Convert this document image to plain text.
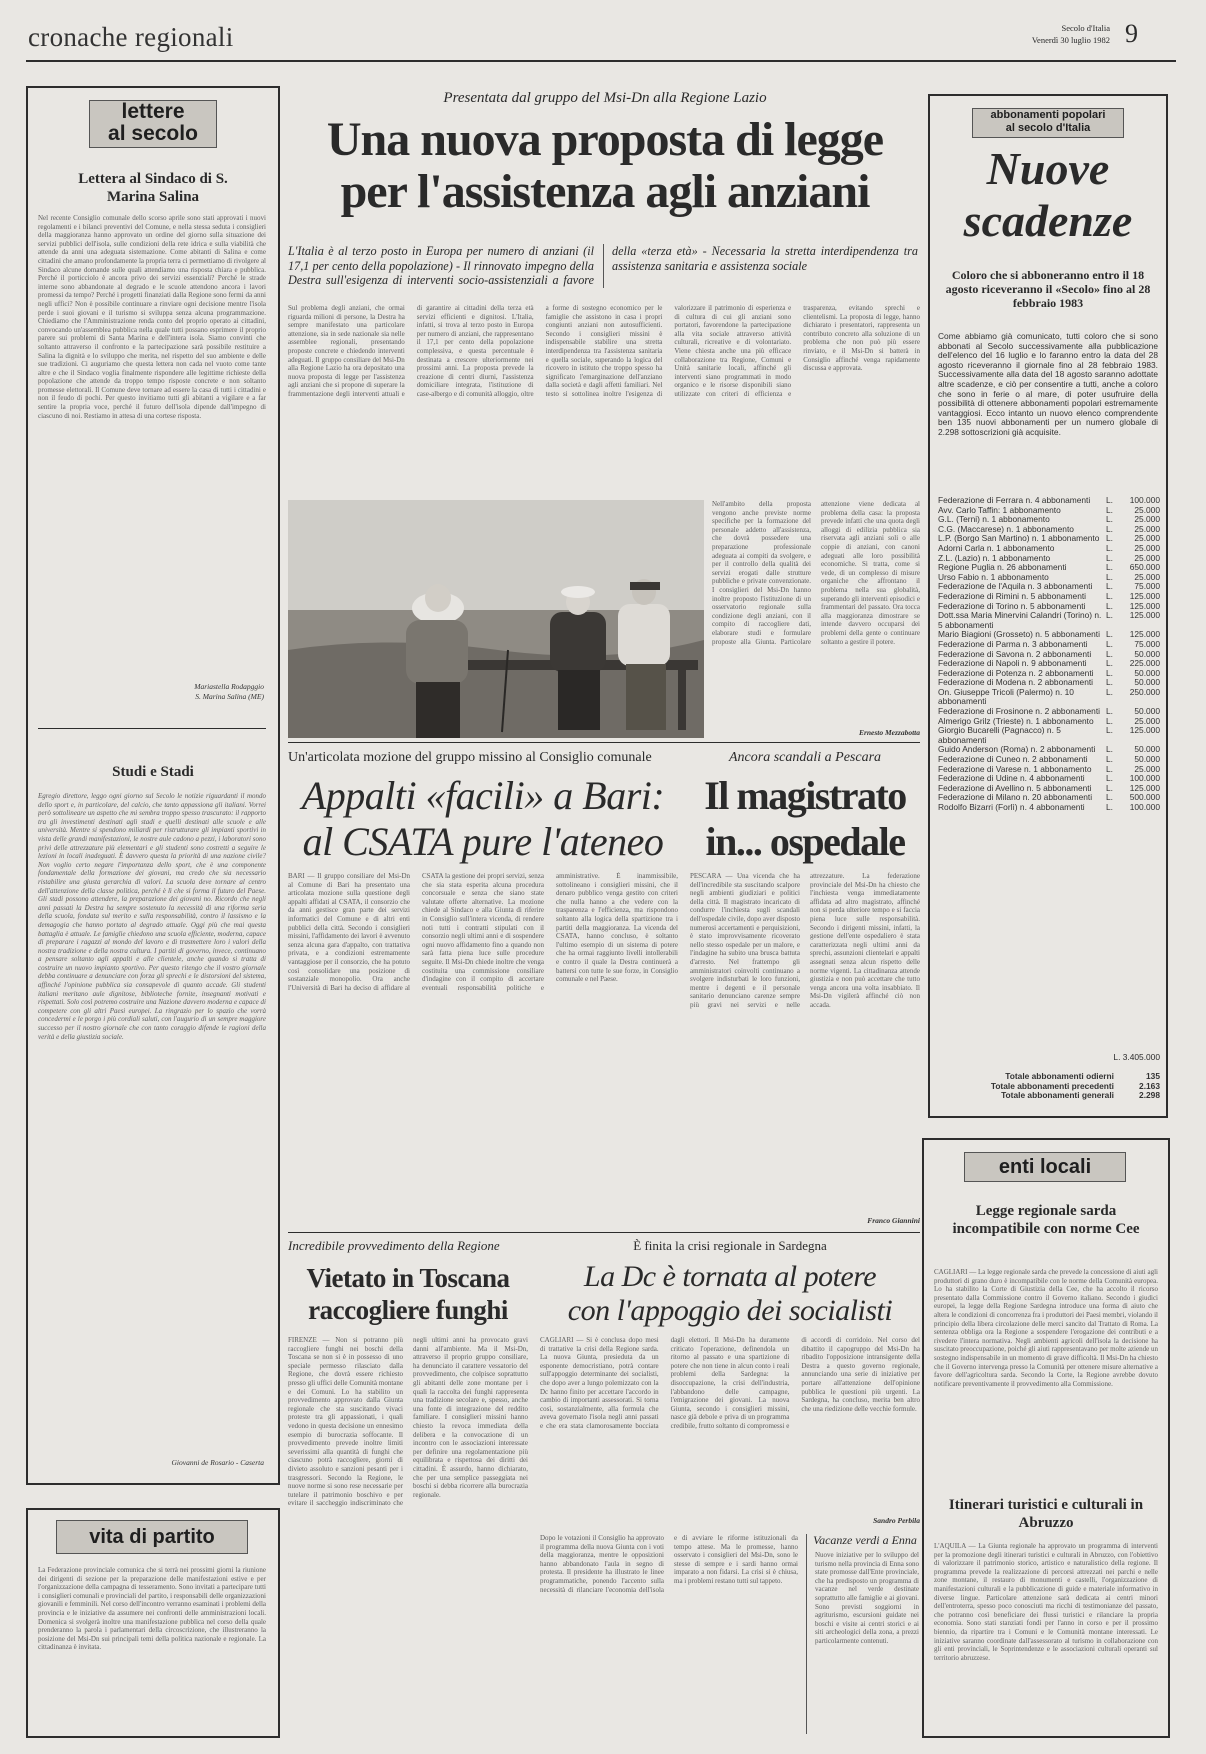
cronache regionali	Secolo d'Italia
Venerdì 30 luglio 1982 9
lettere
al secolo
Lettera al Sindaco di S. Marina Salina
Nel recente Consiglio comunale dello scorso aprile sono stati approvati i nuovi regolamenti e i bilanci preventivi del Comune, e nella stessa seduta i consiglieri della maggioranza hanno approvato un ordine del giorno sulla situazione dei servizi pubblici dell'isola, sulle condizioni della rete idrica e sulla viabilità che attende da anni una adeguata sistemazione. Come abitanti di Salina e come cittadini che amano profondamente la propria terra ci permettiamo di rivolgere al Sindaco alcune domande sulle quali attendiamo una risposta chiara e pubblica. Perché il porticciolo è ancora privo dei servizi essenziali? Perché le strade interne sono abbandonate al degrado e le scuole attendono ancora i lavori promessi da tempo? Perché i progetti finanziati dalla Regione sono fermi da anni negli uffici? Non è possibile continuare a rinviare ogni decisione mentre l'isola perde i suoi giovani e il turismo si sviluppa senza alcuna programmazione. Chiediamo che l'Amministrazione renda conto del proprio operato ai cittadini, convocando un'assemblea pubblica nella quale tutti possano esprimere il proprio parere sui problemi di Santa Marina e dell'intera isola. Siamo convinti che soltanto attraverso il confronto e la partecipazione sarà possibile restituire a Salina la dignità e lo sviluppo che merita, nel rispetto del suo ambiente e delle sue tradizioni. Ci auguriamo che questa lettera non cada nel vuoto come tante altre e che il Sindaco voglia finalmente rispondere alle legittime richieste della popolazione che attende da troppo tempo risposte concrete e non soltanto promesse elettorali. Il Comune deve tornare ad essere la casa di tutti i cittadini e non il feudo di pochi. Per questo invitiamo tutti gli abitanti a vigilare e a far sentire la propria voce, perché il futuro dell'isola dipende dall'impegno di ciascuno di noi. Restiamo in attesa di una cortese risposta.
Mariastella Rodapggio
S. Marina Salina (ME)
Studi e Stadi
Egregio direttore, leggo ogni giorno sul Secolo le notizie riguardanti il mondo dello sport e, in particolare, del calcio, che tanto appassiona gli italiani. Vorrei però sottolineare un aspetto che mi sembra troppo spesso trascurato: il rapporto tra gli investimenti destinati agli stadi e quelli destinati alle scuole e alle università. Mentre si spendono miliardi per ristrutturare gli impianti sportivi in vista delle grandi manifestazioni, le nostre aule cadono a pezzi, i laboratori sono privi delle attrezzature più elementari e gli studenti sono costretti a seguire le lezioni in locali inadeguati. È davvero questa la priorità di una nazione civile? Non voglio certo negare l'importanza dello sport, che è una componente fondamentale della formazione dei giovani, ma credo che sia necessario ristabilire una giusta gerarchia di valori. La scuola deve tornare al centro dell'attenzione della classe politica, perché è lì che si forma il futuro del Paese. Gli stadi possono attendere, la preparazione dei giovani no. Ricordo che negli anni passati la Destra ha sempre sostenuto la necessità di una riforma seria della scuola, fondata sul merito e sulla responsabilità, contro il lassismo e la demagogia che hanno portato al degrado attuale. Oggi più che mai questa battaglia è attuale. Le famiglie chiedono una scuola efficiente, moderna, capace di preparare i ragazzi al mondo del lavoro e di trasmettere loro i valori della nostra tradizione e della nostra cultura. I partiti di governo, invece, continuano a pensare soltanto agli appalti e alle clientele, anche quando si tratta di costruire un nuovo impianto sportivo. Per questo ritengo che il vostro giornale debba continuare a denunciare con forza gli sprechi e le distorsioni del sistema, affinché l'opinione pubblica sia consapevole di quanto accade. Gli studenti italiani meritano aule dignitose, biblioteche fornite, insegnanti motivati e rispettati. Solo così potremo costruire una Nazione davvero moderna e capace di competere con gli altri Paesi europei. La ringrazio per lo spazio che vorrà concedermi e le porgo i più cordiali saluti, con l'augurio di un sempre maggiore successo per il nostro giornale che con tanto coraggio difende le ragioni della verità e della giustizia sociale.
Giovanni de Rosario - Caserta
vita di partito
La Federazione provinciale comunica che si terrà nei prossimi giorni la riunione dei dirigenti di sezione per la preparazione delle manifestazioni estive e per l'organizzazione della campagna di tesseramento. Sono invitati a partecipare tutti i consiglieri comunali e provinciali del partito, i responsabili delle organizzazioni giovanili e femminili. Nel corso dell'incontro verranno esaminati i problemi della provincia e le iniziative da assumere nei confronti delle amministrazioni locali. Domenica si svolgerà inoltre una manifestazione pubblica nel corso della quale prenderanno la parola i parlamentari della circoscrizione, che illustreranno la posizione del Msi-Dn sui principali temi della politica nazionale e regionale. La cittadinanza è invitata.
Presentata dal gruppo del Msi-Dn alla Regione Lazio
Una nuova proposta di legge
per l'assistenza agli anziani
L'Italia è al terzo posto in Europa per numero di anziani (il 17,1 per cento della popolazione) - Il rinnovato impegno della Destra sull'esigenza di interventi socio-assistenziali a favore della «terza età» - Necessaria la stretta interdipendenza tra assistenza sanitaria e assistenza sociale
Sul problema degli anziani, che ormai riguarda milioni di persone, la Destra ha sempre manifestato una particolare attenzione, sia in sede nazionale sia nelle assemblee regionali, presentando proposte concrete e chiedendo interventi adeguati. Il gruppo consiliare del Msi-Dn alla Regione Lazio ha ora depositato una nuova proposta di legge per l'assistenza agli anziani che si propone di superare la frammentazione degli interventi attuali e di garantire ai cittadini della terza età servizi efficienti e dignitosi. L'Italia, infatti, si trova al terzo posto in Europa per numero di anziani, che rappresentano il 17,1 per cento della popolazione complessiva, e questa percentuale è destinata a crescere ulteriormente nei prossimi anni. La proposta prevede la creazione di centri diurni, l'assistenza domiciliare integrata, l'istituzione di case-albergo e di comunità alloggio, oltre a forme di sostegno economico per le famiglie che assistono in casa i propri congiunti anziani non autosufficienti. Secondo i consiglieri missini è indispensabile stabilire una stretta interdipendenza tra l'assistenza sanitaria e quella sociale, superando la logica del ricovero in istituto che troppo spesso ha significato l'emarginazione dell'anziano dalla società e dagli affetti familiari. Nel testo si sottolinea inoltre l'esigenza di valorizzare il patrimonio di esperienza e di cultura di cui gli anziani sono portatori, favorendone la partecipazione alla vita sociale attraverso attività culturali, ricreative e di volontariato. Viene chiesta anche una più efficace collaborazione tra Regione, Comuni e Unità sanitarie locali, affinché gli interventi siano programmati in modo organico e le risorse disponibili siano utilizzate con criteri di efficienza e trasparenza, evitando sprechi e clientelismi. La proposta di legge, hanno dichiarato i presentatori, rappresenta un contributo concreto alla soluzione di un problema che non può più essere rinviato, e il Msi-Dn si batterà in Consiglio affinché venga rapidamente discussa e approvata.
Nell'ambito della proposta vengono anche previste norme specifiche per la formazione del personale addetto all'assistenza, che dovrà possedere una preparazione professionale adeguata ai compiti da svolgere, e per il controllo della qualità dei servizi erogati dalle strutture pubbliche e private convenzionate. I consiglieri del Msi-Dn hanno inoltre proposto l'istituzione di un osservatorio regionale sulla condizione degli anziani, con il compito di raccogliere dati, elaborare studi e formulare proposte alla Giunta. Particolare attenzione viene dedicata al problema della casa: la proposta prevede infatti che una quota degli alloggi di edilizia pubblica sia riservata agli anziani soli o alle coppie di anziani, con canoni adeguati alle loro possibilità economiche. Si tratta, come si vede, di un complesso di misure organiche che affrontano il problema nella sua globalità, superando gli interventi episodici e frammentari del passato. Ora tocca alla maggioranza dimostrare se intende davvero occuparsi dei problemi della gente o continuare soltanto a gestire il potere.
Ernesto Mezzabotta
Un'articolata mozione del gruppo missino al Consiglio comunale
Appalti «facili» a Bari:
al CSATA pure l'ateneo
BARI — Il gruppo consiliare del Msi-Dn al Comune di Bari ha presentato una articolata mozione sulla questione degli appalti affidati al CSATA, il consorzio che da anni gestisce gran parte dei servizi informatici del Comune e di altri enti pubblici della città. Secondo i consiglieri missini, l'affidamento dei lavori è avvenuto senza alcuna gara d'appalto, con trattativa privata, e a condizioni estremamente vantaggiose per il consorzio, che ha potuto così consolidare una posizione di sostanziale monopolio. Ora anche l'Università di Bari ha deciso di affidare al CSATA la gestione dei propri servizi, senza che sia stata esperita alcuna procedura concorsuale e senza che siano state valutate offerte alternative. La mozione chiede al Sindaco e alla Giunta di riferire in Consiglio sull'intera vicenda, di rendere noti tutti i contratti stipulati con il consorzio negli ultimi anni e di sospendere ogni nuovo affidamento fino a quando non sarà fatta piena luce sulle procedure seguite. Il Msi-Dn chiede inoltre che venga costituita una commissione consiliare d'indagine con il compito di accertare eventuali responsabilità politiche e amministrative. È inammissibile, sottolineano i consiglieri missini, che il denaro pubblico venga gestito con criteri che nulla hanno a che vedere con la trasparenza e l'efficienza, ma rispondono soltanto alla logica della spartizione tra i partiti della maggioranza. La vicenda del CSATA, hanno concluso, è soltanto l'ultimo esempio di un sistema di potere che ha ormai raggiunto livelli intollerabili e contro il quale la Destra continuerà a battersi con tutte le sue forze, in Consiglio comunale e nel Paese.
Ancora scandali a Pescara
Il magistrato
in... ospedale
PESCARA — Una vicenda che ha dell'incredibile sta suscitando scalpore negli ambienti giudiziari e politici della città. Il magistrato incaricato di condurre l'inchiesta sugli scandali dell'ospedale civile, dopo aver disposto numerosi accertamenti e perquisizioni, è stato improvvisamente ricoverato nello stesso ospedale per un malore, e l'indagine ha subito una brusca battuta d'arresto. Nel frattempo gli amministratori coinvolti continuano a svolgere indisturbati le loro funzioni, mentre i degenti e il personale sanitario denunciano carenze sempre più gravi nei servizi e nelle attrezzature. La federazione provinciale del Msi-Dn ha chiesto che l'inchiesta venga immediatamente affidata ad altro magistrato, affinché non si perda ulteriore tempo e si faccia piena luce sulle responsabilità. Secondo i dirigenti missini, infatti, la gestione dell'ente ospedaliero è stata caratterizzata negli ultimi anni da sprechi, assunzioni clientelari e appalti assegnati senza alcun rispetto delle norme vigenti. La cittadinanza attende giustizia e non può accettare che tutto venga ancora una volta insabbiato. Il Msi-Dn vigilerà affinché ciò non accada.
Franco Giannini
Incredibile provvedimento della Regione
Vietato in Toscana
raccogliere funghi
FIRENZE — Non si potranno più raccogliere funghi nei boschi della Toscana se non si è in possesso di uno speciale permesso rilasciato dalla Regione, che dovrà essere richiesto presso gli uffici delle Comunità montane e dei Comuni. Lo ha stabilito un provvedimento approvato dalla Giunta regionale che sta suscitando vivaci proteste tra gli appassionati, i quali vedono in questa decisione un ennesimo esempio di burocrazia soffocante. Il provvedimento prevede inoltre limiti severissimi alla quantità di funghi che ciascuno potrà raccogliere, giorni di divieto assoluto e sanzioni pesanti per i trasgressori. Secondo la Regione, le nuove norme si sono rese necessarie per tutelare il patrimonio boschivo e per evitare il saccheggio indiscriminato che negli ultimi anni ha provocato gravi danni all'ambiente. Ma il Msi-Dn, attraverso il proprio gruppo consiliare, ha denunciato il carattere vessatorio del provvedimento, che colpisce soprattutto gli abitanti delle zone montane per i quali la raccolta dei funghi rappresenta una tradizione secolare e, spesso, anche una fonte di integrazione del reddito familiare. I consiglieri missini hanno chiesto la revoca immediata della delibera e la convocazione di un incontro con le associazioni interessate per definire una regolamentazione più equilibrata e rispettosa dei diritti dei cittadini. È assurdo, hanno dichiarato, che per una semplice passeggiata nei boschi si debba ricorrere alla burocrazia regionale.
È finita la crisi regionale in Sardegna
La Dc è tornata al potere
con l'appoggio dei socialisti
CAGLIARI — Si è conclusa dopo mesi di trattative la crisi della Regione sarda. La nuova Giunta, presieduta da un esponente democristiano, potrà contare sull'appoggio determinante dei socialisti, che dopo aver a lungo polemizzato con la Dc hanno finito per accettare l'accordo in cambio di importanti assessorati. Si torna così, sostanzialmente, alla formula che aveva governato l'isola negli anni passati e che era stata clamorosamente bocciata dagli elettori. Il Msi-Dn ha duramente criticato l'operazione, definendola un ritorno al passato e una spartizione di potere che non tiene in alcun conto i reali problemi della Sardegna: la disoccupazione, la crisi dell'industria, l'abbandono delle campagne, l'emigrazione dei giovani. La nuova Giunta, secondo i consiglieri missini, nasce già debole e priva di un programma credibile, frutto soltanto di compromessi e di accordi di corridoio. Nel corso del dibattito il capogruppo del Msi-Dn ha ribadito l'opposizione intransigente della Destra a questo governo regionale, annunciando una serie di iniziative per portare all'attenzione dell'opinione pubblica le questioni più urgenti. La Sardegna, ha concluso, merita ben altro che una riedizione delle vecchie formule.
Sandro Perbila
Vacanze verdi a Enna
Nuove iniziative per lo sviluppo del turismo nella provincia di Enna sono state promosse dall'Ente provinciale, che ha predisposto un programma di vacanze nel verde destinate soprattutto alle famiglie e ai giovani. Sono previsti soggiorni in agriturismo, escursioni guidate nei boschi e visite ai centri storici e ai siti archeologici della zona, a prezzi particolarmente contenuti.
Dopo le votazioni il Consiglio ha approvato il programma della nuova Giunta con i voti della maggioranza, mentre le opposizioni hanno abbandonato l'aula in segno di protesta. Il presidente ha illustrato le linee programmatiche, ponendo l'accento sulla necessità di rilanciare l'economia dell'isola e di avviare le riforme istituzionali da tempo attese. Ma le promesse, hanno osservato i consiglieri del Msi-Dn, sono le stesse di sempre e i sardi hanno ormai imparato a non fidarsi. La crisi si è chiusa, ma i problemi restano tutti sul tappeto.
abbonamenti popolari
al secolo d'Italia
Nuove
scadenze
Coloro che si abboneranno entro il 18 agosto riceveranno il «Secolo» fino al 28 febbraio 1983
Come abbiamo già comunicato, tutti coloro che si sono abbonati al Secolo successivamente alla pubblicazione dell'elenco del 16 luglio e lo faranno entro la data del 28 agosto riceveranno il giornale fino al 28 febbraio 1983. Successivamente alla data del 18 agosto saranno adottate altre scadenze, e ciò per consentire a tutti, anche a coloro che sono in ferie o al mare, di poter usufruire della possibilità di ottenere abbonamenti popolari estremamente vantaggiosi. Ecco intanto un nuovo elenco comprendente ben 135 nuovi abbonamenti per un numero globale di 2.298 sottoscrizioni già acquisite.
Federazione di Ferrara n. 4 abbonamenti	L.	100.000
Avv. Carlo Taffin: 1 abbonamento	L.	25.000
G.L. (Terni) n. 1 abbonamento	L.	25.000
C.G. (Maccarese) n. 1 abbonamento	L.	25.000
L.P. (Borgo San Martino) n. 1 abbonamento L.	25.000
Adorni Carla n. 1 abbonamento	L.	25.000
Z.L. (Lazio) n. 1 abbonamento	L.	25.000
Regione Puglia n. 26 abbonamenti	L.	650.000
Urso Fabio n. 1 abbonamento	L.	25.000
Federazione de l'Aquila n. 3 abbonamenti	L.	75.000
Federazione di Rimini n. 5 abbonamenti	L.	125.000
Federazione di Torino n. 5 abbonamenti	L.	125.000
Dott.ssa Maria Minervini Calandri (Torino) n. 5 abbonamenti
L.	125.000
Mario Biagioni (Grosseto) n. 5 abbonamenti L.	125.000
Federazione di Parma n. 3 abbonamenti	L.	75.000
Federazione di Savona n. 2 abbonamenti	L.	50.000
Federazione di Napoli n. 9 abbonamenti	L.	225.000
Federazione di Potenza n. 2 abbonamenti	L.	50.000
Federazione di Modena n. 2 abbonamenti	L.	50.000
On. Giuseppe Tricoli (Palermo) n. 10 abbonamenti
L.	250.000
Federazione di Frosinone n. 2 abbonamenti L.	50.000
Almerigo Grilz (Trieste) n. 1 abbonamento	L.	25.000
Giorgio Bucarelli (Pagnacco) n. 5 abbonamenti
L.	125.000
Guido Anderson (Roma) n. 2 abbonamenti	L.	50.000
Federazione di Cuneo n. 2 abbonamenti	L.	50.000
Federazione di Varese n. 1 abbonamento	L.	25.000
Federazione di Udine n. 4 abbonamenti	L.	100.000
Federazione di Avellino n. 5 abbonamenti	L.	125.000
Federazione di Milano n. 20 abbonamenti	L.	500.000
Rodolfo Bizarri (Forlì) n. 4 abbonamenti	L.	100.000
L. 3.405.000
Totale abbonamenti odierni	135
Totale abbonamenti precedenti	2.163
Totale abbonamenti generali	2.298
enti locali
Legge regionale sarda incompatibile con norme Cee
CAGLIARI — La legge regionale sarda che prevede la concessione di aiuti agli produttori di grano duro è incompatibile con le norme della Comunità europea. Lo ha stabilito la Corte di Giustizia della Cee, che ha accolto il ricorso presentato dalla Commissione contro il Governo italiano. Secondo i giudici europei, la legge della Regione Sardegna introduce una forma di aiuto che altera le condizioni di concorrenza fra i produttori dei Paesi membri, violando il principio della libera circolazione delle merci sancito dal Trattato di Roma. La sentenza obbliga ora la Regione a sospendere l'erogazione dei contributi e a rivedere l'intera normativa. Negli ambienti agricoli dell'isola la decisione ha suscitato preoccupazione, poiché gli aiuti rappresentavano per molte aziende un sostegno indispensabile in un momento di grave difficoltà. Il Msi-Dn ha chiesto che il Governo intervenga presso la Comunità per ottenere misure alternative a favore dell'agricoltura sarda. Secondo la Corte, la Regione avrebbe dovuto notificare preventivamente il provvedimento alla Commissione.
Itinerari turistici e culturali in Abruzzo
L'AQUILA — La Giunta regionale ha approvato un programma di interventi per la promozione degli itinerari turistici e culturali in Abruzzo, con l'obiettivo di valorizzare il patrimonio storico, artistico e naturalistico della regione. Il programma prevede la realizzazione di percorsi attrezzati nei parchi e nelle zone montane, il restauro di monumenti e castelli, l'organizzazione di manifestazioni culturali e la pubblicazione di guide e materiale informativo in diverse lingue. Particolare attenzione sarà dedicata ai centri minori dell'entroterra, spesso poco conosciuti ma ricchi di testimonianze del passato, che potranno così beneficiare dei flussi turistici e rilanciare la propria economia. Sono stati stanziati fondi per l'anno in corso e per il prossimo biennio, da ripartire tra i Comuni e le Comunità montane interessati. Le iniziative saranno coordinate dall'assessorato al turismo in collaborazione con gli enti provinciali, le Soprintendenze e le associazioni culturali operanti sul territorio abruzzese.
